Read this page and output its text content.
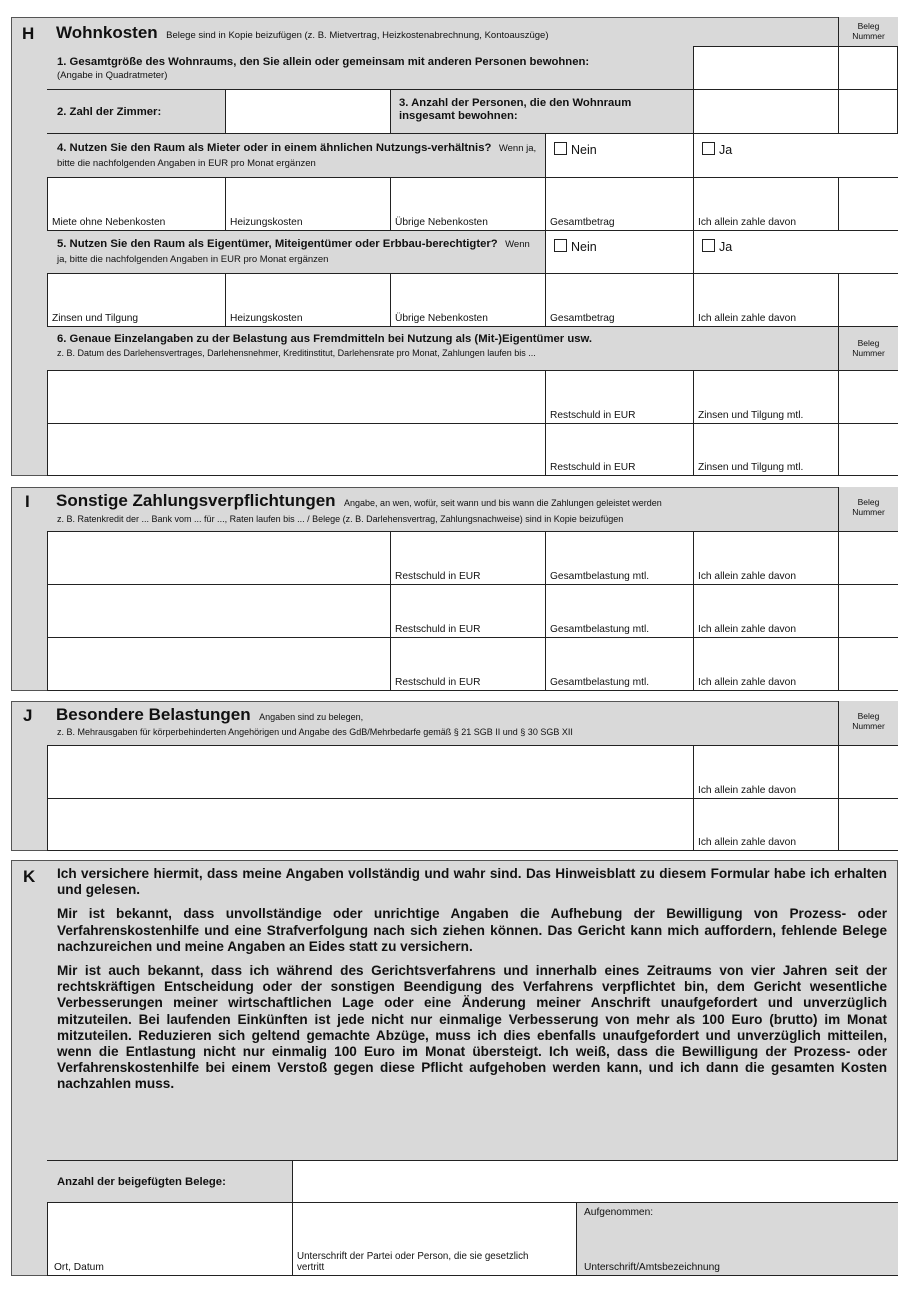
H Wohnkosten Belege sind in Kopie beizufügen (z. B. Mietvertrag, Heizkostenabrechnung, Kontoauszüge)
Beleg
Nummer
1. Gesamtgröße des Wohnraums, den Sie allein oder gemeinsam mit anderen Personen bewohnen:
(Angabe in Quadratmeter)
2. Zahl der Zimmer:
3. Anzahl der Personen, die den Wohnraum insgesamt bewohnen:
4. Nutzen Sie den Raum als Mieter oder in einem ähnlichen Nutzungs-verhältnis? Wenn ja, bitte die nachfolgenden Angaben in EUR pro Monat ergänzen
Nein	Ja
Miete ohne Nebenkosten	Heizungskosten	Übrige Nebenkosten	Gesamtbetrag	Ich allein zahle davon
5. Nutzen Sie den Raum als Eigentümer, Miteigentümer oder Erbbau-berechtigter? Wenn ja, bitte die nachfolgenden Angaben in EUR pro Monat ergänzen
Nein	Ja
Zinsen und Tilgung	Heizungskosten	Übrige Nebenkosten	Gesamtbetrag	Ich allein zahle davon
6. Genaue Einzelangaben zu der Belastung aus Fremdmitteln bei Nutzung als (Mit-)Eigentümer usw.
z. B. Datum des Darlehensvertrages, Darlehensnehmer, Kreditinstitut, Darlehensrate pro Monat, Zahlungen laufen bis ...
Beleg
Nummer
Restschuld in EUR	Zinsen und Tilgung mtl.
Restschuld in EUR	Zinsen und Tilgung mtl.
I Sonstige Zahlungsverpflichtungen Angabe, an wen, wofür, seit wann und bis wann die Zahlungen geleistet werden
z. B. Ratenkredit der ... Bank vom ... für ..., Raten laufen bis ... / Belege (z. B. Darlehensvertrag, Zahlungsnachweise) sind in Kopie beizufügen
Beleg
Nummer
Restschuld in EUR	Gesamtbelastung mtl.	Ich allein zahle davon
Restschuld in EUR	Gesamtbelastung mtl.	Ich allein zahle davon
Restschuld in EUR	Gesamtbelastung mtl.	Ich allein zahle davon
J Besondere Belastungen Angaben sind zu belegen,
z. B. Mehrausgaben für körperbehinderten Angehörigen und Angabe des GdB/Mehrbedarfe gemäß § 21 SGB II und § 30 SGB XII
Beleg
Nummer
Ich allein zahle davon
Ich allein zahle davon
K Ich versichere hiermit, dass meine Angaben vollständig und wahr sind. Das Hinweisblatt zu diesem Formular habe ich erhalten und gelesen.

Mir ist bekannt, dass unvollständige oder unrichtige Angaben die Aufhebung der Bewilligung von Prozess- oder Verfahrenskostenhilfe und eine Strafverfolgung nach sich ziehen können. Das Gericht kann mich auffordern, fehlende Belege nachzureichen und meine Angaben an Eides statt zu versichern.

Mir ist auch bekannt, dass ich während des Gerichtsverfahrens und innerhalb eines Zeitraums von vier Jahren seit der rechtskräftigen Entscheidung oder der sonstigen Beendigung des Verfahrens verpflichtet bin, dem Gericht wesentliche Verbesserungen meiner wirtschaftlichen Lage oder eine Änderung meiner Anschrift unaufgefordert und unverzüglich mitzuteilen. Bei laufenden Einkünften ist jede nicht nur einmalige Verbesserung von mehr als 100 Euro (brutto) im Monat mitzuteilen. Reduzieren sich geltend gemachte Abzüge, muss ich dies ebenfalls unaufgefordert und unverzüglich mitteilen, wenn die Entlastung nicht nur einmalig 100 Euro im Monat übersteigt. Ich weiß, dass die Bewilligung der Prozess- oder Verfahrenskostenhilfe bei einem Verstoß gegen diese Pflicht aufgehoben werden kann, und ich dann die gesamten Kosten nachzahlen muss.

Anzahl der beigefügten Belege:
Ort, Datum
Unterschrift der Partei oder Person, die sie gesetzlich vertritt
Aufgenommen:
Unterschrift/Amtsbezeichnung
